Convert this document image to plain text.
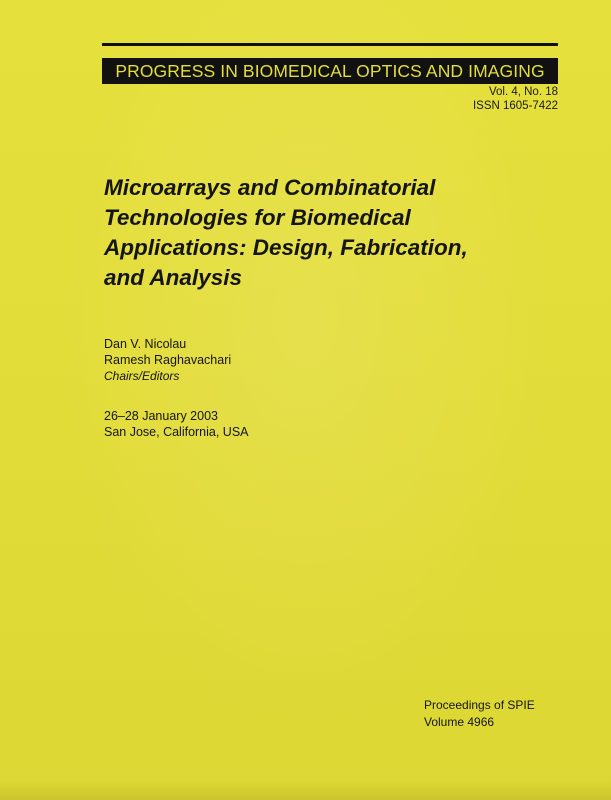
PROGRESS IN BIOMEDICAL OPTICS AND IMAGING
Vol. 4, No. 18
ISSN 1605-7422
Microarrays and Combinatorial
Technologies for Biomedical
Applications: Design, Fabrication,
and Analysis
Dan V. Nicolau
Ramesh Raghavachari
Chairs/Editors
26–28 January 2003
San Jose, California, USA
Proceedings of SPIE
Volume 4966
